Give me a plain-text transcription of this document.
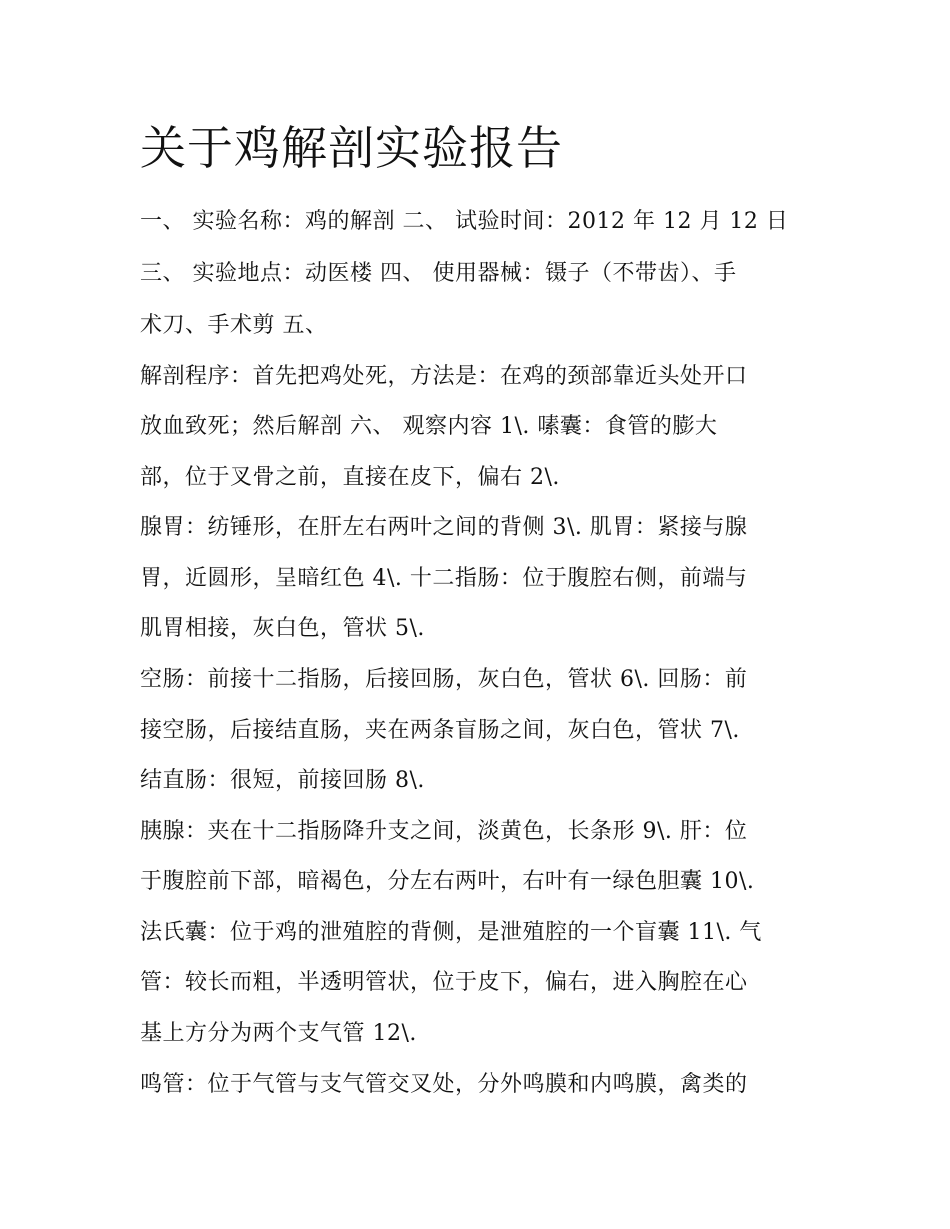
关于鸡解剖实验报告

一、 实验名称：鸡的解剖 二、 试验时间：2012 年 12 月 12 日

三、 实验地点：动医楼 四、 使用器械：镊子（不带齿）、手

术刀、手术剪 五、

解剖程序：首先把鸡处死，方法是：在鸡的颈部靠近头处开口

放血致死；然后解剖 六、 观察内容 1\. 嗉囊：食管的膨大

部，位于叉骨之前，直接在皮下，偏右 2\.

腺胃：纺锤形，在肝左右两叶之间的背侧 3\. 肌胃：紧接与腺

胃，近圆形，呈暗红色 4\. 十二指肠：位于腹腔右侧，前端与

肌胃相接，灰白色，管状 5\.

空肠：前接十二指肠，后接回肠，灰白色，管状 6\. 回肠：前

接空肠，后接结直肠，夹在两条盲肠之间，灰白色，管状 7\.

结直肠：很短，前接回肠 8\.

胰腺：夹在十二指肠降升支之间，淡黄色，长条形 9\. 肝：位

于腹腔前下部，暗褐色，分左右两叶，右叶有一绿色胆囊 10\.

法氏囊：位于鸡的泄殖腔的背侧，是泄殖腔的一个盲囊 11\. 气

管：较长而粗，半透明管状，位于皮下，偏右，进入胸腔在心

基上方分为两个支气管 12\.

鸣管：位于气管与支气管交叉处，分外鸣膜和内鸣膜，禽类的
